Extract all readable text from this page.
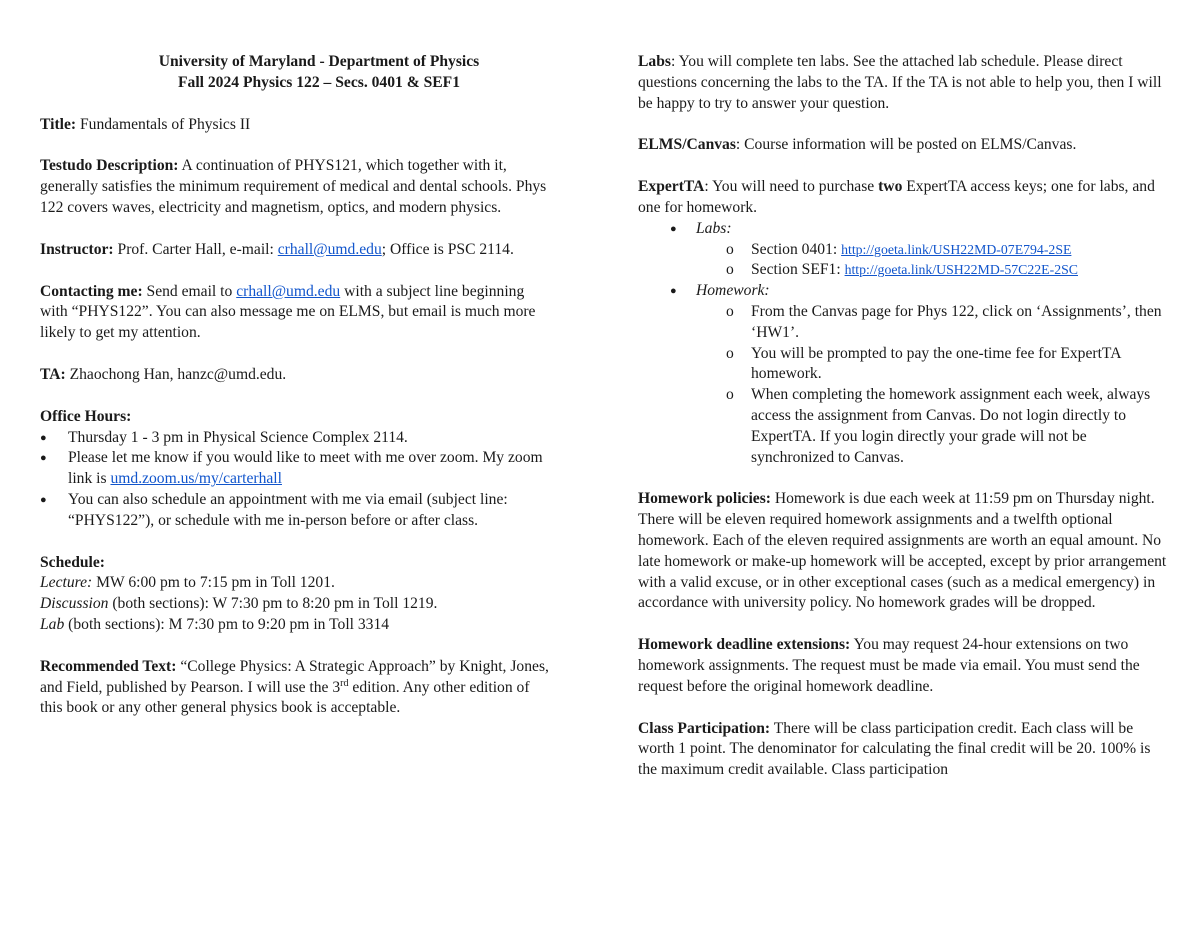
University of Maryland - Department of Physics
Fall 2024 Physics 122 – Secs. 0401 & SEF1

Title: Fundamentals of Physics II

Testudo Description: A continuation of PHYS121, which together with it, generally satisfies the minimum requirement of medical and dental schools. Phys 122 covers waves, electricity and magnetism, optics, and modern physics.

Instructor: Prof. Carter Hall, e-mail: crhall@umd.edu; Office is PSC 2114.

Contacting me: Send email to crhall@umd.edu with a subject line beginning with “PHYS122”. You can also message me on ELMS, but email is much more likely to get my attention.

TA: Zhaochong Han, hanzc@umd.edu.

Office Hours:
● Thursday 1 - 3 pm in Physical Science Complex 2114.
● Please let me know if you would like to meet with me over zoom. My zoom link is umd.zoom.us/my/carterhall
● You can also schedule an appointment with me via email (subject line: “PHYS122”), or schedule with me in-person before or after class.
Schedule:
Lecture: MW 6:00 pm to 7:15 pm in Toll 1201.
Discussion (both sections): W 7:30 pm to 8:20 pm in Toll 1219.
Lab (both sections): M 7:30 pm to 9:20 pm in Toll 3314

Recommended Text: “College Physics: A Strategic Approach” by Knight, Jones, and Field, published by Pearson. I will use the 3rd edition. Any other edition of this book or any other general physics book is acceptable.

Labs: You will complete ten labs. See the attached lab schedule. Please direct questions concerning the labs to the TA. If the TA is not able to help you, then I will be happy to try to answer your question.

ELMS/Canvas: Course information will be posted on ELMS/Canvas.

ExpertTA: You will need to purchase two ExpertTA access keys; one for labs, and one for homework.
● Labs:
o Section 0401: http://goeta.link/USH22MD-07E794-2SE
o Section SEF1: http://goeta.link/USH22MD-57C22E-2SC
● Homework:
o From the Canvas page for Phys 122, click on ‘Assignments’, then ‘HW1’.
o You will be prompted to pay the one-time fee for ExpertTA homework.
o When completing the homework assignment each week, always access the assignment from Canvas. Do not login directly to ExpertTA. If you login directly your grade will not be synchronized to Canvas.

Homework policies: Homework is due each week at 11:59 pm on Thursday night. There will be eleven required homework assignments and a twelfth optional homework. Each of the eleven required assignments are worth an equal amount. No late homework or make-up homework will be accepted, except by prior arrangement with a valid excuse, or in other exceptional cases (such as a medical emergency) in accordance with university policy. No homework grades will be dropped.

Homework deadline extensions: You may request 24-hour extensions on two homework assignments. The request must be made via email. You must send the request before the original homework deadline.

Class Participation: There will be class participation credit. Each class will be worth 1 point. The denominator for calculating the final credit will be 20. 100% is the maximum credit available. Class participation
